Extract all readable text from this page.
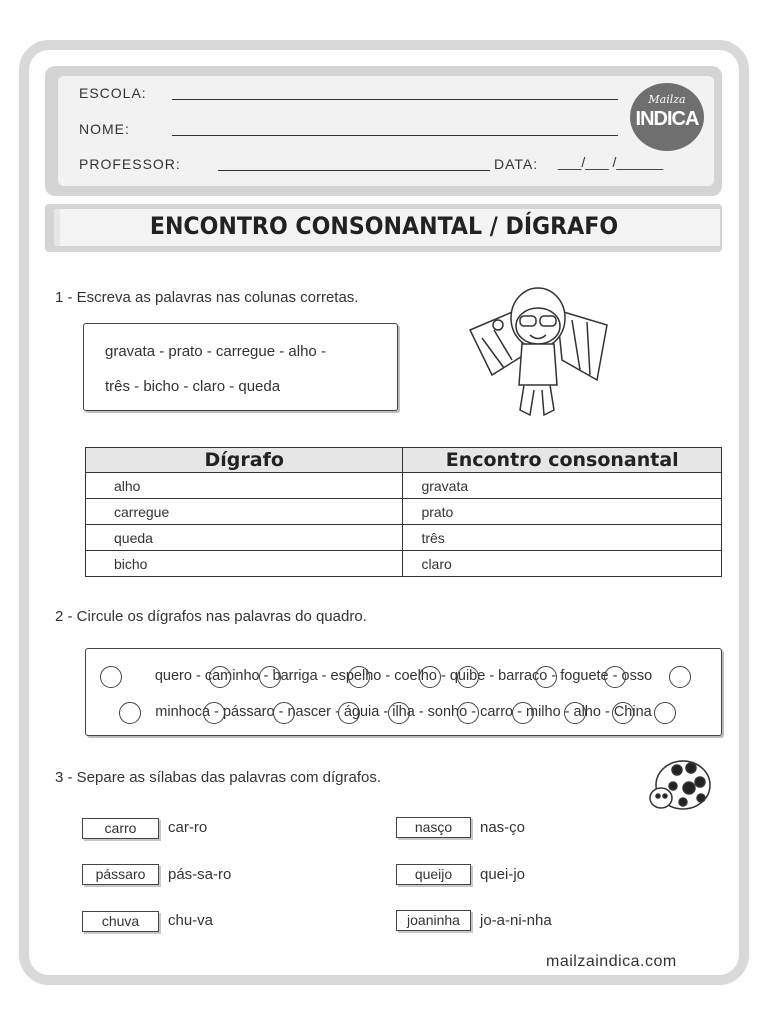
ESCOLA:
NOME:
PROFESSOR:	DATA: ___/___ /______
Mailza
INDICA
ENCONTRO CONSONANTAL / DÍGRAFO
1 - Escreva as palavras nas colunas corretas.
gravata - prato - carregue - alho -
três - bicho - claro - queda
Dígrafo	Encontro consonantal
alho	gravata
carregue	prato
queda	três
bicho	claro
2 - Circule os dígrafos nas palavras do quadro.
quero - caminho - barriga - espelho - coelho - quibe - barraco - foguete - osso
minhoca - pássaro - nascer - águia - ilha - sonho - carro - milho - alho - China
3 - Separe as sílabas das palavras com dígrafos.
carro	car-ro
pássaro	pás-sa-ro
chuva	chu-va
nasço	nas-ço
queijo	quei-jo
joaninha	jo-a-ni-nha
mailzaindica.com
